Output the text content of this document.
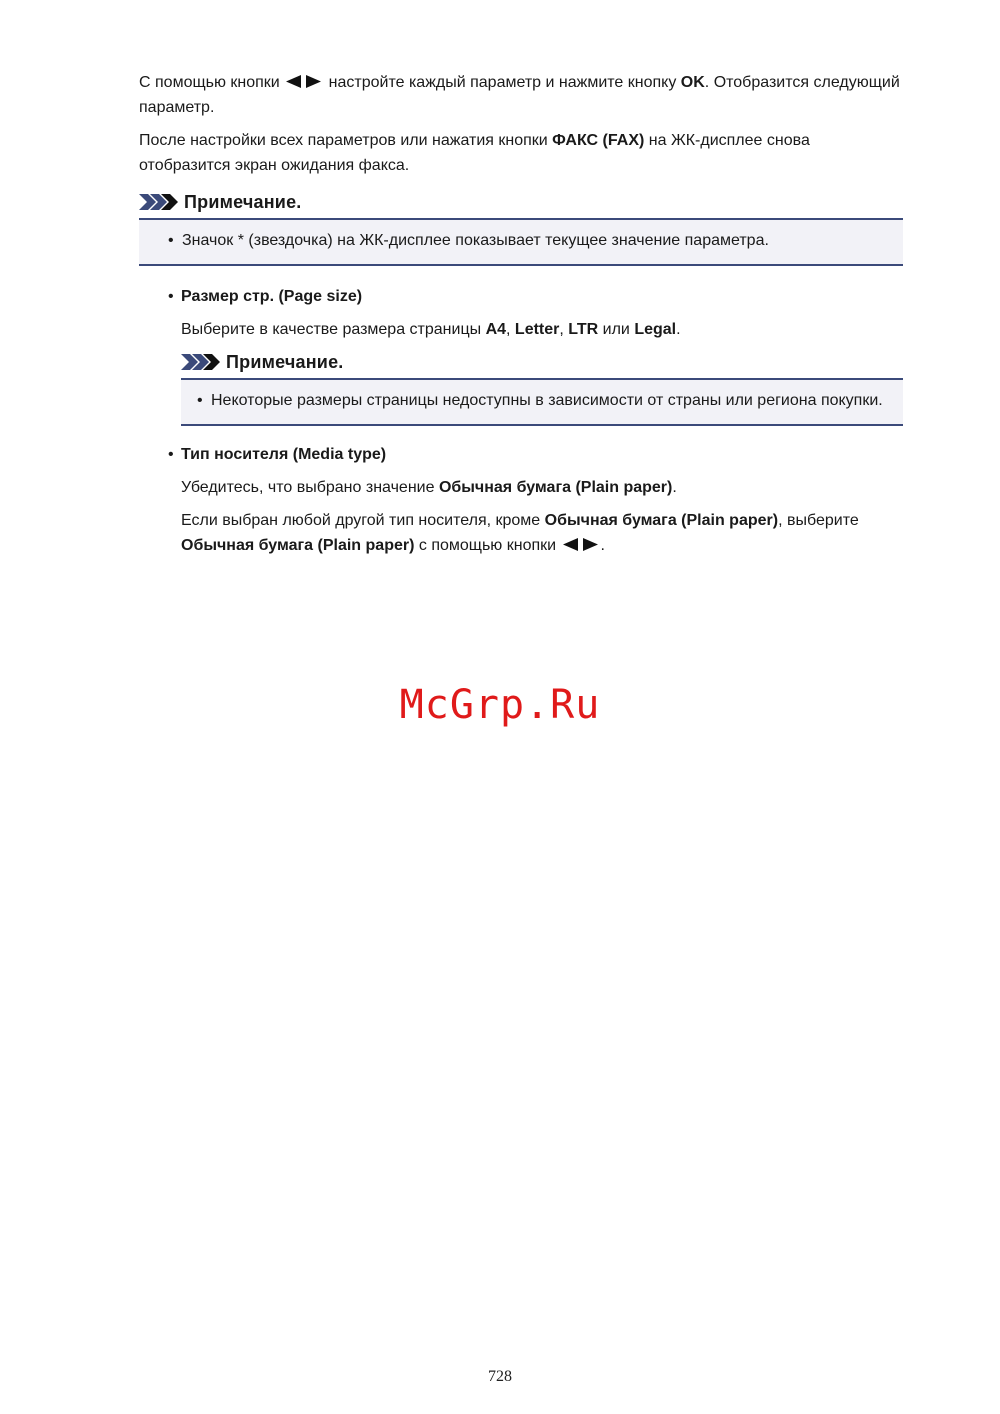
С помощью кнопки	настройте каждый параметр и нажмите кнопку OK. Отобразится следующий параметр.

После настройки всех параметров или нажатия кнопки ФАКС (FAX) на ЖК-дисплее снова отобразится экран ожидания факса.

Примечание.
• Значок * (звездочка) на ЖК-дисплее показывает текущее значение параметра.
• Размер стр. (Page size)

Выберите в качестве размера страницы A4, Letter, LTR или Legal.

Примечание.
• Некоторые размеры страницы недоступны в зависимости от страны или региона покупки.
• Тип носителя (Media type)

Убедитесь, что выбрано значение Обычная бумага (Plain paper).

Если выбран любой другой тип носителя, кроме Обычная бумага (Plain paper), выберите Обычная бумага (Plain paper) с помощью кнопки	.

McGrp.Ru
728
